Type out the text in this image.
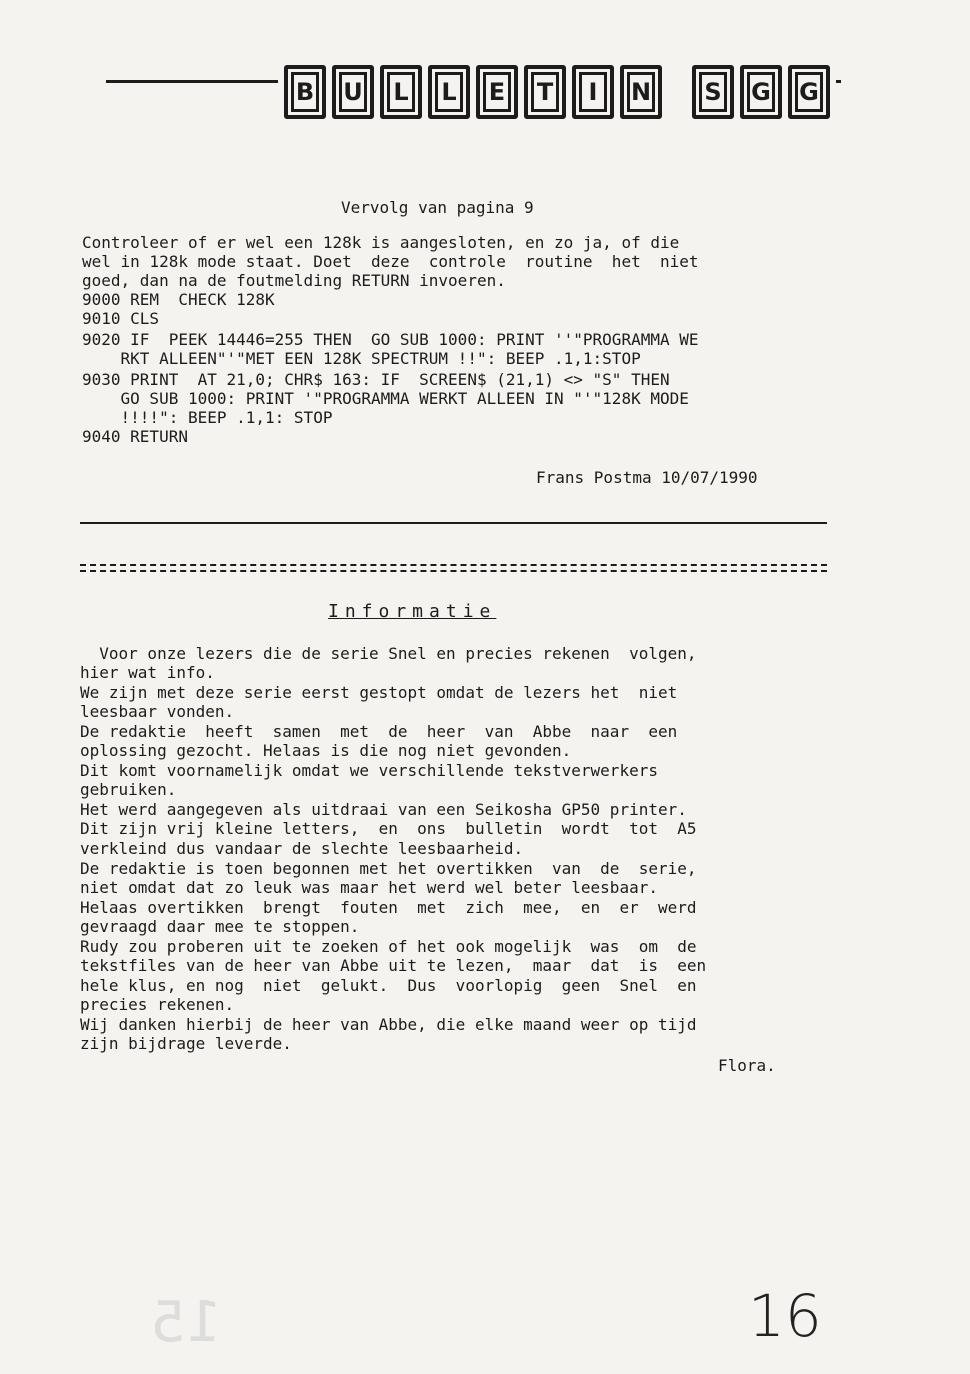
B	U	L	L	E	T	I	N	S	G	G
Vervolg van pagina 9
Controleer of er wel een 128k is aangesloten, en zo ja, of die
wel in 128k mode staat. Doet  deze  controle  routine  het  niet
goed, dan na de foutmelding RETURN invoeren.
9000 REM  CHECK 128K
9010 CLS
9020 IF  PEEK 14446=255 THEN  GO SUB 1000: PRINT ''"PROGRAMMA WE
RKT ALLEEN"'"MET EEN 128K SPECTRUM !!": BEEP .1,1:STOP
9030 PRINT  AT 21,0; CHR$ 163: IF  SCREEN$ (21,1) <> "S" THEN
GO SUB 1000: PRINT '"PROGRAMMA WERKT ALLEEN IN "'"128K MODE
!!!!": BEEP .1,1: STOP
9040 RETURN
Frans Postma 10/07/1990
Informatie
Voor onze lezers die de serie Snel en precies rekenen  volgen,
hier wat info.
We zijn met deze serie eerst gestopt omdat de lezers het  niet
leesbaar vonden.
De redaktie  heeft  samen  met  de  heer  van  Abbe  naar  een
oplossing gezocht. Helaas is die nog niet gevonden.
Dit komt voornamelijk omdat we verschillende tekstverwerkers
gebruiken.
Het werd aangegeven als uitdraai van een Seikosha GP50 printer.
Dit zijn vrij kleine letters,  en  ons  bulletin  wordt  tot  A5
verkleind dus vandaar de slechte leesbaarheid.
De redaktie is toen begonnen met het overtikken  van  de  serie,
niet omdat dat zo leuk was maar het werd wel beter leesbaar.
Helaas overtikken  brengt  fouten  met  zich  mee,  en  er  werd
gevraagd daar mee te stoppen.
Rudy zou proberen uit te zoeken of het ook mogelijk  was  om  de
tekstfiles van de heer van Abbe uit te lezen,  maar  dat  is  een
hele klus, en nog  niet  gelukt.  Dus  voorlopig  geen  Snel  en
precies rekenen.
Wij danken hierbij de heer van Abbe, die elke maand weer op tijd
zijn bijdrage leverde.
Flora.
15	16
